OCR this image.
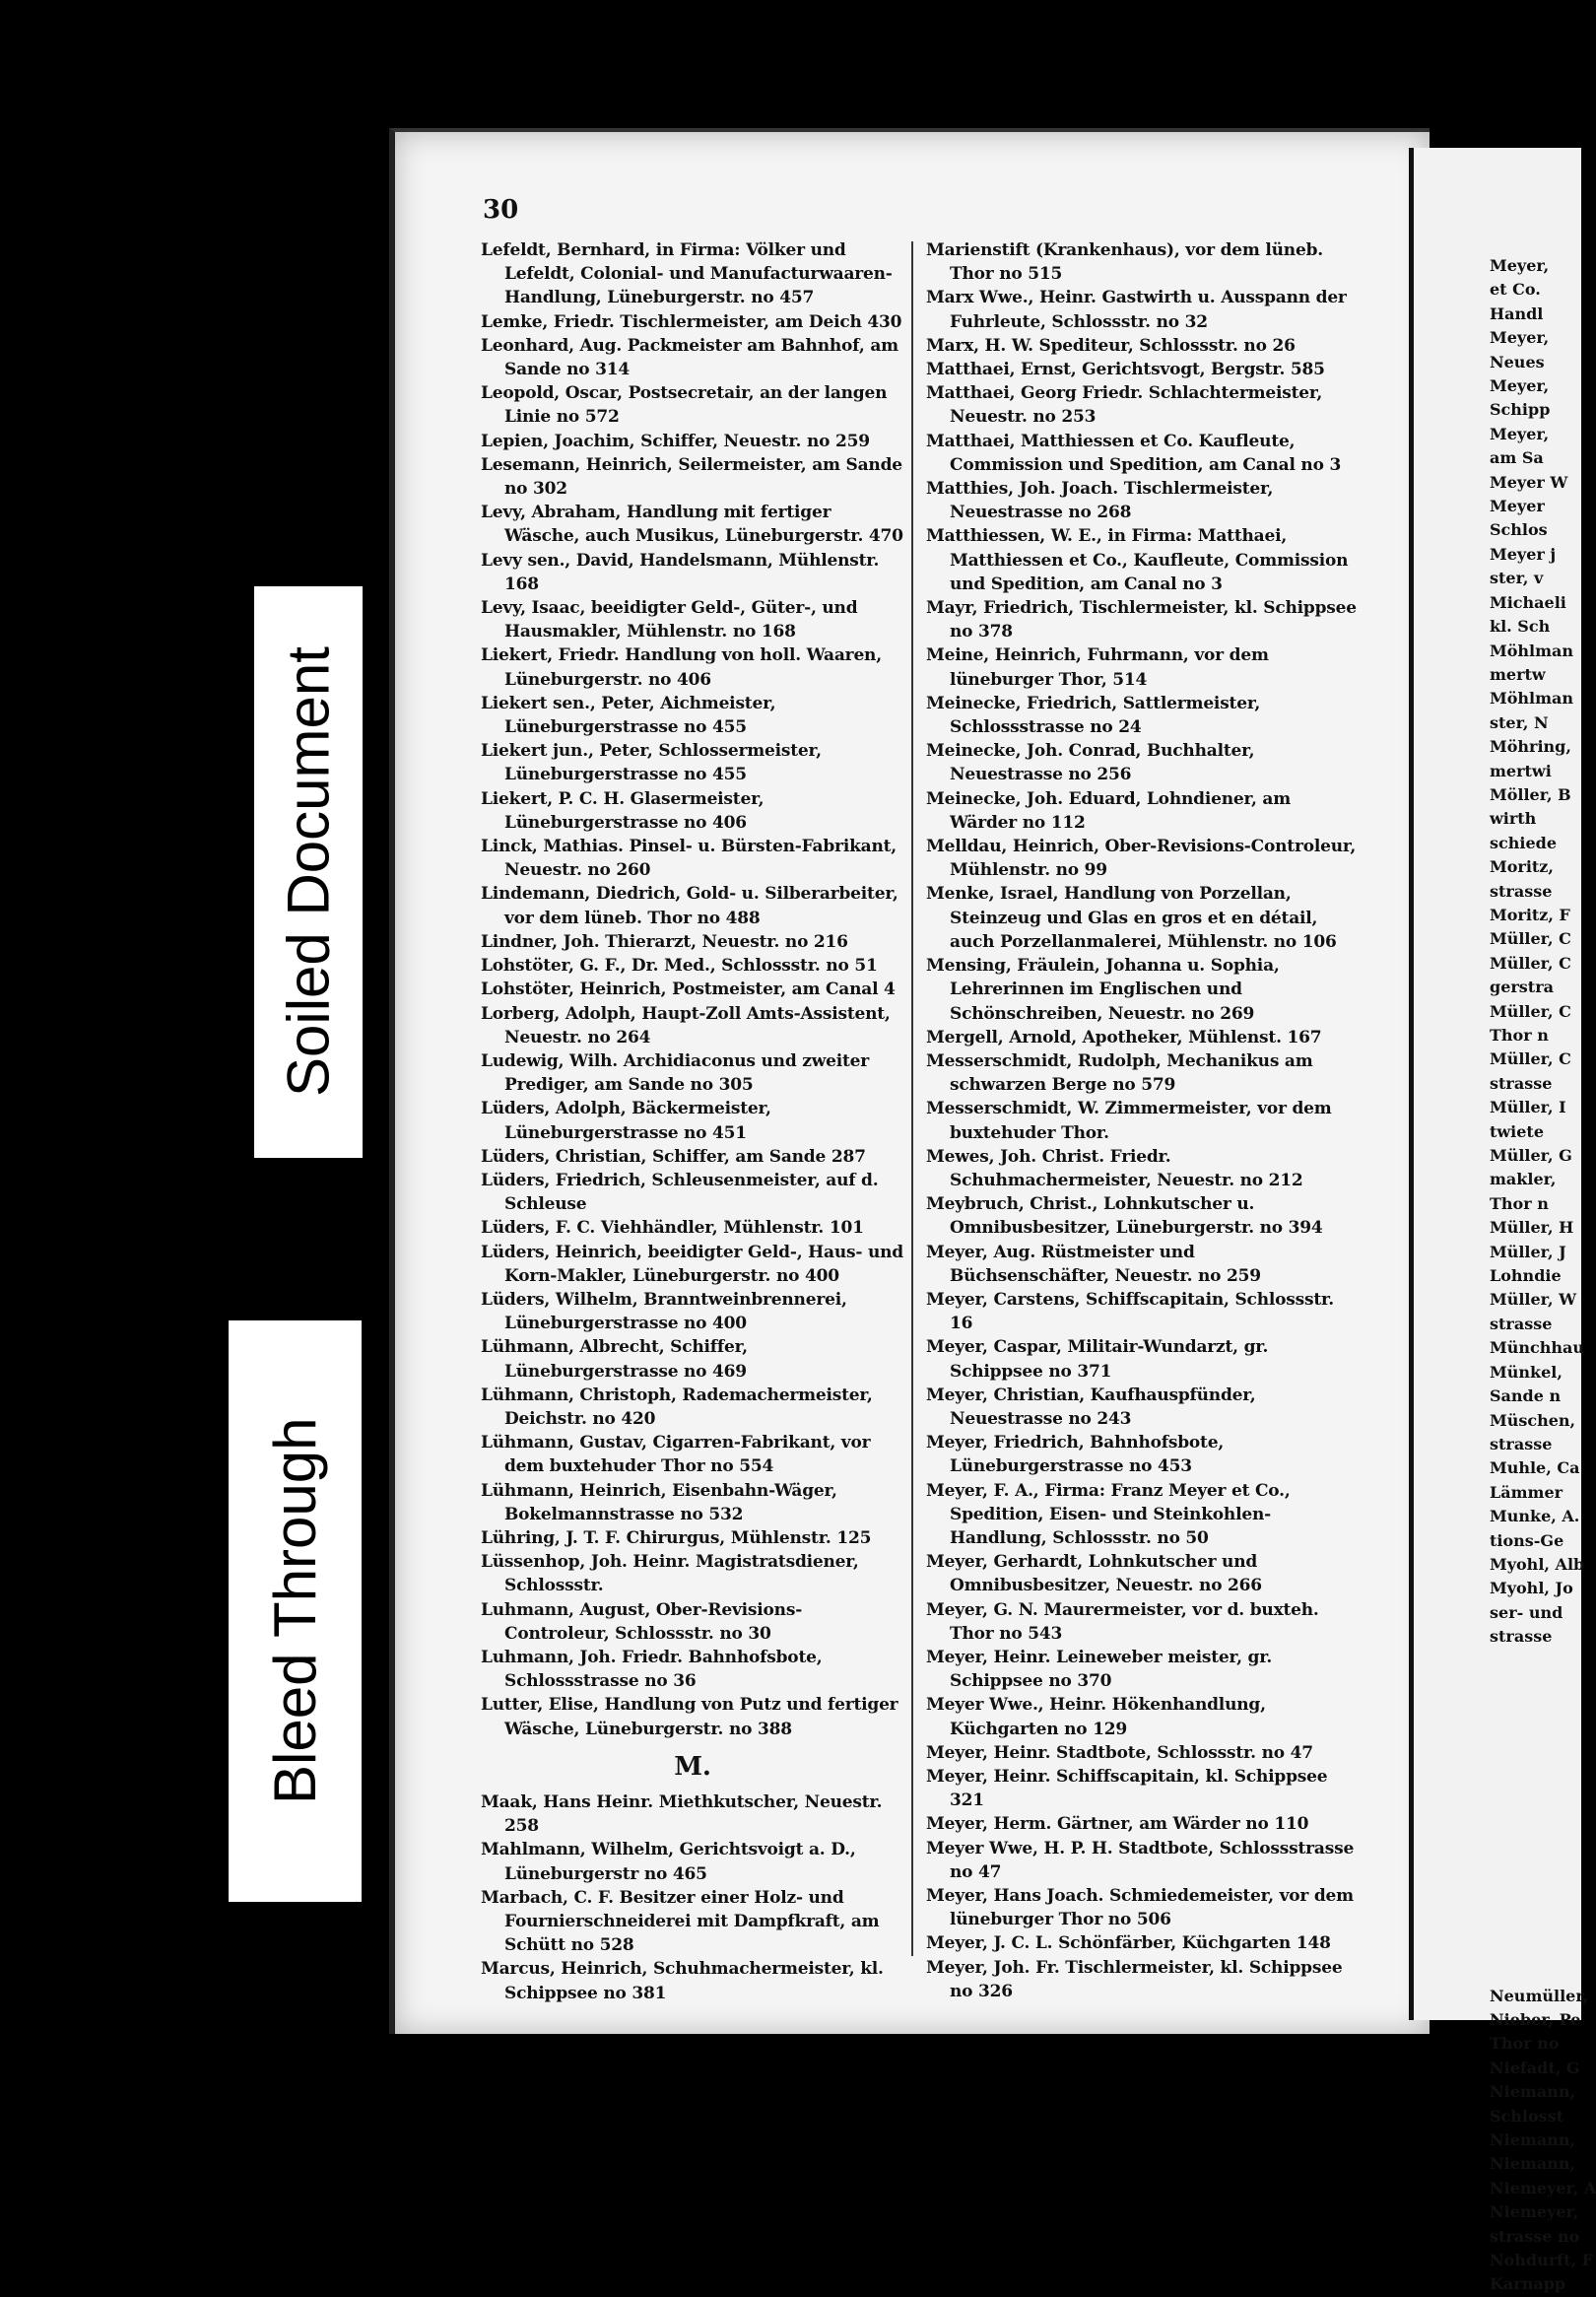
30
Lefeldt, Bernhard, in Firma: Völker und Lefeldt, Colonial- und Manufacturwaaren-Handlung, Lüneburgerstr. no 457
Lemke, Friedr. Tischlermeister, am Deich 430
Leonhard, Aug. Packmeister am Bahnhof, am Sande no 314
Leopold, Oscar, Postsecretair, an der langen Linie no 572
Lepien, Joachim, Schiffer, Neuestr. no 259
Lesemann, Heinrich, Seilermeister, am Sande no 302
Levy, Abraham, Handlung mit fertiger Wäsche, auch Musikus, Lüneburgerstr. 470
Levy sen., David, Handelsmann, Mühlenstr. 168
Levy, Isaac, beeidigter Geld-, Güter-, und Hausmakler, Mühlenstr. no 168
Liekert, Friedr. Handlung von holl. Waaren, Lüneburgerstr. no 406
Liekert sen., Peter, Aichmeister, Lüneburgerstrasse no 455
Liekert jun., Peter, Schlossermeister, Lüneburgerstrasse no 455
Liekert, P. C. H. Glasermeister, Lüneburgerstrasse no 406
Linck, Mathias. Pinsel- u. Bürsten-Fabrikant, Neuestr. no 260
Lindemann, Diedrich, Gold- u. Silberarbeiter, vor dem lüneb. Thor no 488
Lindner, Joh. Thierarzt, Neuestr. no 216
Lohstöter, G. F., Dr. Med., Schlossstr. no 51
Lohstöter, Heinrich, Postmeister, am Canal 4
Lorberg, Adolph, Haupt-Zoll Amts-Assistent, Neuestr. no 264
Ludewig, Wilh. Archidiaconus und zweiter Prediger, am Sande no 305
Lüders, Adolph, Bäckermeister, Lüneburgerstrasse no 451
Lüders, Christian, Schiffer, am Sande 287
Lüders, Friedrich, Schleusenmeister, auf d. Schleuse
Lüders, F. C. Viehhändler, Mühlenstr. 101
Lüders, Heinrich, beeidigter Geld-, Haus- und Korn-Makler, Lüneburgerstr. no 400
Lüders, Wilhelm, Branntweinbrennerei, Lüneburgerstrasse no 400
Lühmann, Albrecht, Schiffer, Lüneburgerstrasse no 469
Lühmann, Christoph, Rademachermeister, Deichstr. no 420
Lühmann, Gustav, Cigarren-Fabrikant, vor dem buxtehuder Thor no 554
Lühmann, Heinrich, Eisenbahn-Wäger, Bokelmannstrasse no 532
Lühring, J. T. F. Chirurgus, Mühlenstr. 125
Lüssenhop, Joh. Heinr. Magistratsdiener, Schlossstr.
Luhmann, August, Ober-Revisions-Controleur, Schlossstr. no 30
Luhmann, Joh. Friedr. Bahnhofsbote, Schlossstrasse no 36
Lutter, Elise, Handlung von Putz und fertiger Wäsche, Lüneburgerstr. no 388
M.
Maak, Hans Heinr. Miethkutscher, Neuestr. 258
Mahlmann, Wilhelm, Gerichtsvoigt a. D., Lüneburgerstr no 465
Marbach, C. F. Besitzer einer Holz- und Fournierschneiderei mit Dampfkraft, am Schütt no 528
Marcus, Heinrich, Schuhmachermeister, kl. Schippsee no 381
Marienstift (Krankenhaus), vor dem lüneb. Thor no 515
Marx Wwe., Heinr. Gastwirth u. Ausspann der Fuhrleute, Schlossstr. no 32
Marx, H. W. Spediteur, Schlossstr. no 26
Matthaei, Ernst, Gerichtsvogt, Bergstr. 585
Matthaei, Georg Friedr. Schlachtermeister, Neuestr. no 253
Matthaei, Matthiessen et Co. Kaufleute, Commission und Spedition, am Canal no 3
Matthies, Joh. Joach. Tischlermeister, Neuestrasse no 268
Matthiessen, W. E., in Firma: Matthaei, Matthiessen et Co., Kaufleute, Commission und Spedition, am Canal no 3
Mayr, Friedrich, Tischlermeister, kl. Schippsee no 378
Meine, Heinrich, Fuhrmann, vor dem lüneburger Thor, 514
Meinecke, Friedrich, Sattlermeister, Schlossstrasse no 24
Meinecke, Joh. Conrad, Buchhalter, Neuestrasse no 256
Meinecke, Joh. Eduard, Lohndiener, am Wärder no 112
Melldau, Heinrich, Ober-Revisions-Controleur, Mühlenstr. no 99
Menke, Israel, Handlung von Porzellan, Steinzeug und Glas en gros et en détail, auch Porzellanmalerei, Mühlenstr. no 106
Mensing, Fräulein, Johanna u. Sophia, Lehrerinnen im Englischen und Schönschreiben, Neuestr. no 269
Mergell, Arnold, Apotheker, Mühlenst. 167
Messerschmidt, Rudolph, Mechanikus am schwarzen Berge no 579
Messerschmidt, W. Zimmermeister, vor dem buxtehuder Thor.
Mewes, Joh. Christ. Friedr. Schuhmachermeister, Neuestr. no 212
Meybruch, Christ., Lohnkutscher u. Omnibusbesitzer, Lüneburgerstr. no 394
Meyer, Aug. Rüstmeister und Büchsenschäfter, Neuestr. no 259
Meyer, Carstens, Schiffscapitain, Schlossstr. 16
Meyer, Caspar, Militair-Wundarzt, gr. Schippsee no 371
Meyer, Christian, Kaufhauspfünder, Neuestrasse no 243
Meyer, Friedrich, Bahnhofsbote, Lüneburgerstrasse no 453
Meyer, F. A., Firma: Franz Meyer et Co., Spedition, Eisen- und Steinkohlen-Handlung, Schlossstr. no 50
Meyer, Gerhardt, Lohnkutscher und Omnibusbesitzer, Neuestr. no 266
Meyer, G. N. Maurermeister, vor d. buxteh. Thor no 543
Meyer, Heinr. Leineweber meister, gr. Schippsee no 370
Meyer Wwe., Heinr. Hökenhandlung, Küchgarten no 129
Meyer, Heinr. Stadtbote, Schlossstr. no 47
Meyer, Heinr. Schiffscapitain, kl. Schippsee 321
Meyer, Herm. Gärtner, am Wärder no 110
Meyer Wwe, H. P. H. Stadtbote, Schlossstrasse no 47
Meyer, Hans Joach. Schmiedemeister, vor dem lüneburger Thor no 506
Meyer, J. C. L. Schönfärber, Küchgarten 148
Meyer, Joh. Fr. Tischlermeister, kl. Schippsee no 326
Meyer,
et Co.
Handl
Meyer,
Neues
Meyer,
Schipp
Meyer,
am Sa
Meyer W
Meyer
Schlos
Meyer j
ster, v
Michaeli
kl. Sch
Möhlman
mertw
Möhlman
ster, N
Möhring,
mertwi
Möller, B
wirth
schiede
Moritz,
strasse
Moritz, F
Müller, C
Müller, C
gerstra
Müller, C
Thor n
Müller, C
strasse
Müller, I
twiete
Müller, G
makler,
Thor n
Müller, H
Müller, J
Lohndie
Müller, W
strasse
Münchhau
Münkel,
Sande n
Müschen,
strasse
Muhle, Ca
Lämmer
Munke, A.
tions-Ge
Myohl, Alb
Myohl, Jo
ser- und
strasse
Neumüller,
Nieber, Pe
Thor no
Niefadt, G
Niemann,
Schlosst
Niemann,
Niemann,
Niemeyer, A
Niemeyer,
strasse no
Nohdurft, F
Karnapp
Soiled Document
Bleed Through
